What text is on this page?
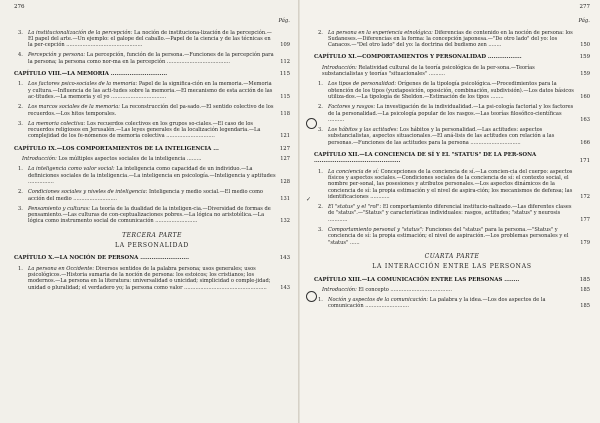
276
Pág.
3. La institucionalización de la percepción: La noción de instituciona-lización de la percepción.—El papel del arte.—Un ejemplo: el galope del caballo.—Papel de la ciencia y de las técnicas en la per-cepción ...............................................	109
4. Percepción y persona: La percepción, función de la persona.—Funciones de la percepción para la persona; la persona como nor-ma en la percepción .......................................	112
CAPÍTULO VIII.—LA MEMORIA ..............................	115
1. Los factores psico-sociales de la memoria: Papel de la significa-ción en la memoria.—Memoria y cultura.—Influencia de las acti-tudes sobre la memoria.—El mecanismo de esta acción de las ac-titudes.—La memoria y el yo ..................................	115
2. Los marcos sociales de la memoria: La reconstrucción del pa-sado.—El sentido colectivo de los recuerdos.—Los hitos temporales.	118
3. La memoria colectiva: Los recuerdos colectivos en los grupos so-ciales.—El caso de los recuerdos religiosos en Jerusalén.—Las leyes generales de la localización legendaria.—La complejidad de los fe-nómenos de memoria colectiva ..............................	121
CAPÍTULO IX.—LOS COMPORTAMIENTOS DE LA INTELIGENCIA ...	127
Introducción: Los múltiples aspectos sociales de la inteligencia .........	127
1. La inteligencia como valor social: La inteligencia como capacidad de un individuo.—La definiciones sociales de la inteligencia.—La inteligencia en psicología.—Inteligencia y aptitudes ................	128
2. Condiciones sociales y niveles de inteligencia: Inteligencia y medio social.—El medio como acción del medio ...........................	131
3. Pensamiento y culturas: La teoría de la dualidad de la inteligen-cia.—Diversidad de formas de pensamiento.—Las culturas de con-ceptualizaciones pobres.—La lógica no aristotélica.—La lógica como instrumento social de comunicación ..........................	132
TERCERA PARTE
LA PERSONALIDAD
CAPÍTULO X.—LA NOCIÓN DE PERSONA ..........................	143
1. La persona en Occidente: Diversos sentidos de la palabra persona; usos generales; usos psicológicos.—Historia sumaria de la noción de persona: los estoicos; los cristianos; los modernos.—La persona en la literatura: universalidad o unicidad; simplicidad o comple-jidad; unidad o pluralidad; el verdadero yo; la persona como valor ...................................................	143
277
Pág.
2. La persona en la experiencia etnológica: Diferencias de contenido en la noción de persona: los Sudaneses.—Diferencias en la forma: la concepción japonesa.—"De otro lado" del yo: los Canacos.—"Del otro lado" del yo: la doctrina del budismo zen ........	150
CAPÍTULO XI.—COMPORTAMIENTOS Y PERSONALIDAD ..................	159
Introducción: Relatividad cultural de la teoría psicológica de la per-sona.—Teorías substancialistas y teorías "situacionales" ..........	159
1. Los tipos de personalidad: Orígenes de la tipología psicológica.—Procedimientos para la obtención de los tipos (yuxtaposición, oposición, combinación, subdivisión).—Los datos básicos utiliza-dos.—La tipología de Sheldon.—Estimación de los tipos ........	160
2. Factores y rasgos: La investigación de la individualidad.—La psi-cología factorial y los factores de la personalidad.—La psicología popular de los rasgos.—Las teorías filosófico-científicas ..........	163
3. Los hábitos y las actitudes: Los hábitos y la personalidad.—Las actitudes: aspectos substancialistas, aspectos situacionales.—El aná-lisis de las actitudes con relación a las personas.—Funciones de las actitudes para la persona ...............................	166
CAPÍTULO XII.—LA CONCIENCIA DE SÍ Y EL "STATUS" DE LA PER-SONA ..............................................	171
1. La conciencia de sí: Concepciones de la conciencia de sí.—La concien-cia del cuerpo: aspectos físicos y aspectos sociales.—Condiciones sociales de la conciencia de sí: el contexto social, el nombre per-sonal, las posesiones y atributos personales.—Los aspectos dinámicos de la conciencia de sí: la propia estimación y el nivel de aspira-ción; los mecanismos de defensa; las identificaciones ............	172
2. El "status" y el "rol": El comportamiento diferencial institucio-nalizado.—Las diferentes clases de "status".—"Status" y características individuales: rasgos, actitudes; "status" y neurosis ............	177
3. Comportamiento personal y "status": Funciones del "status" para la persona.—"Status" y conciencia de sí: la propia estimación; el nivel de aspiración.—Los problemas personales y el "status" ......	179
CUARTA PARTE
LA INTERACCIÓN ENTRE LAS PERSONAS
CAPÍTULO XIII.—LA COMUNICACIÓN ENTRE LAS PERSONAS ........	185
Introducción: El concepto ......................................	185
1. Noción y aspectos de la comunicación: La palabra y la idea.—Los dos aspectos de la comunicación ...........................	185
✓
